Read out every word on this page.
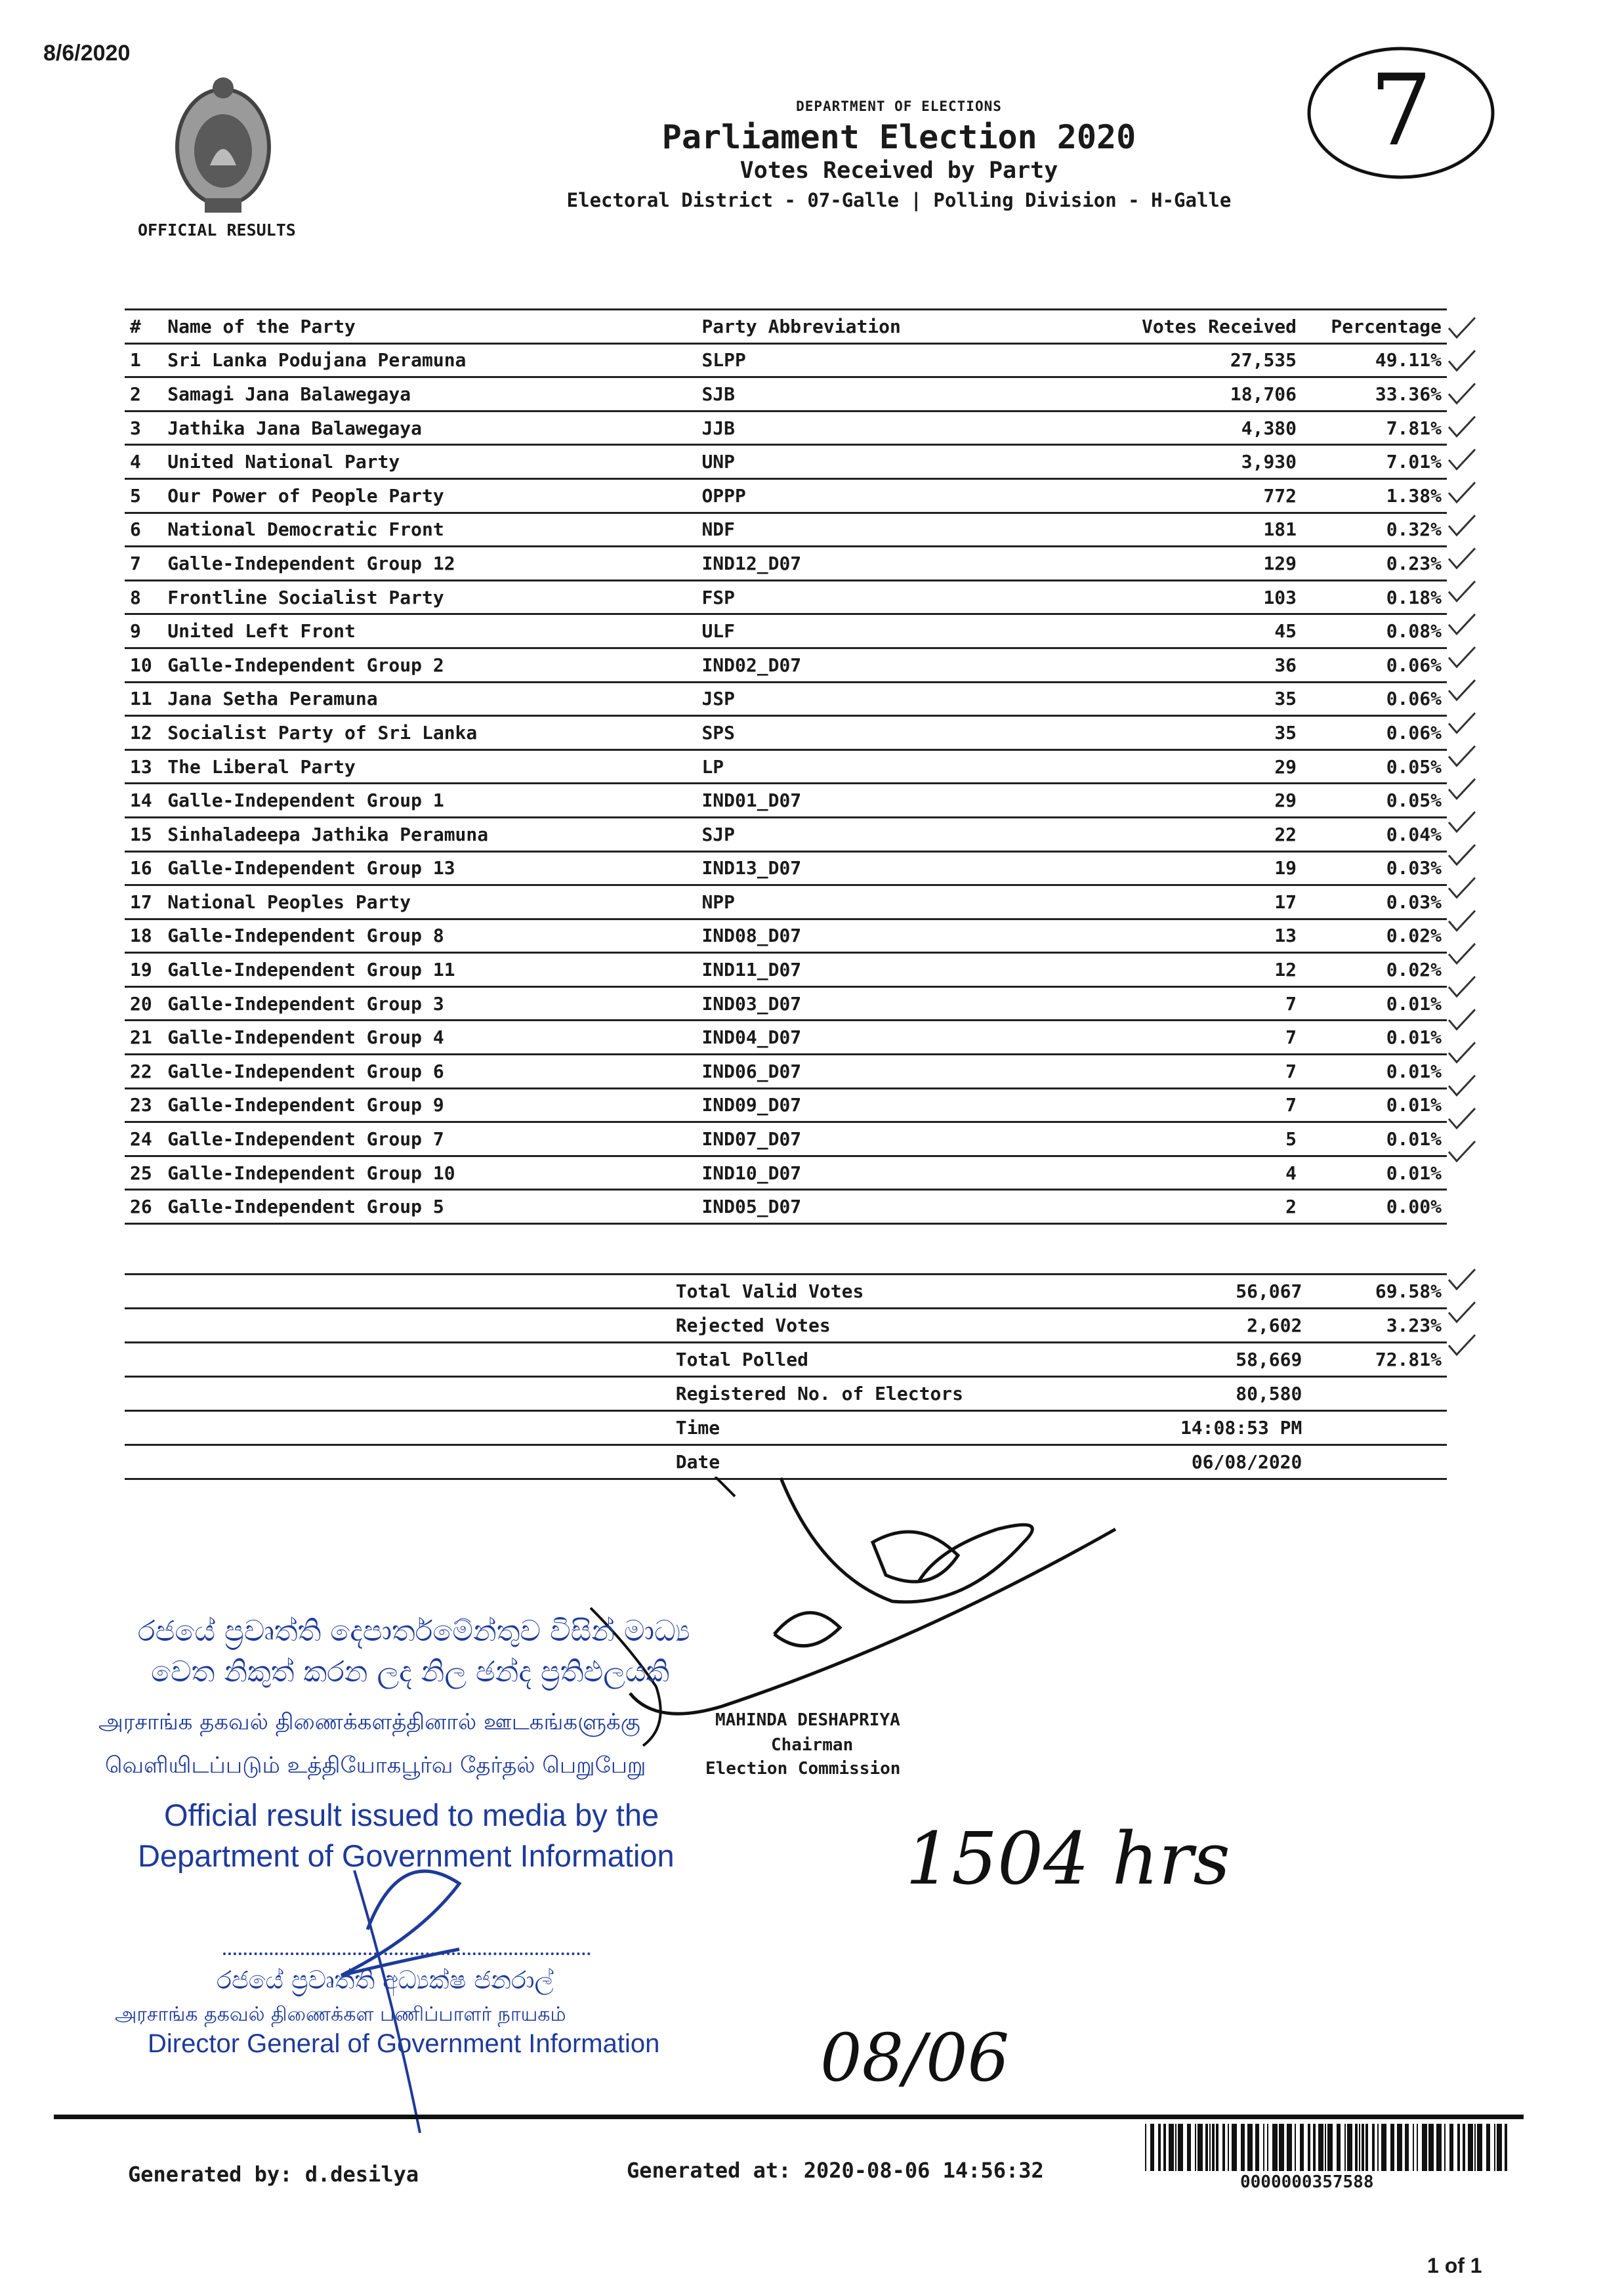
8/6/2020
OFFICIAL RESULTS
DEPARTMENT OF ELECTIONS
Parliament Election 2020
Votes Received by Party
Electoral District - 07-Galle | Polling Division - H-Galle
7
#	Name of the Party	Party Abbreviation	Votes Received	Percentage
1	Sri Lanka Podujana Peramuna	SLPP	27,535	49.11%
2	Samagi Jana Balawegaya	SJB	18,706	33.36%
3	Jathika Jana Balawegaya	JJB	4,380	7.81%
4	United National Party	UNP	3,930	7.01%
5	Our Power of People Party	OPPP	772	1.38%
6	National Democratic Front	NDF	181	0.32%
7	Galle-Independent Group 12	IND12_D07	129	0.23%
8	Frontline Socialist Party	FSP	103	0.18%
9	United Left Front	ULF	45	0.08%
10	Galle-Independent Group 2	IND02_D07	36	0.06%
11	Jana Setha Peramuna	JSP	35	0.06%
12	Socialist Party of Sri Lanka	SPS	35	0.06%
13	The Liberal Party	LP	29	0.05%
14	Galle-Independent Group 1	IND01_D07	29	0.05%
15	Sinhaladeepa Jathika Peramuna	SJP	22	0.04%
16	Galle-Independent Group 13	IND13_D07	19	0.03%
17	National Peoples Party	NPP	17	0.03%
18	Galle-Independent Group 8	IND08_D07	13	0.02%
19	Galle-Independent Group 11	IND11_D07	12	0.02%
20	Galle-Independent Group 3	IND03_D07	7	0.01%
21	Galle-Independent Group 4	IND04_D07	7	0.01%
22	Galle-Independent Group 6	IND06_D07	7	0.01%
23	Galle-Independent Group 9	IND09_D07	7	0.01%
24	Galle-Independent Group 7	IND07_D07	5	0.01%
25	Galle-Independent Group 10	IND10_D07	4	0.01%
26	Galle-Independent Group 5	IND05_D07	2	0.00%
	Total Valid Votes	56,067	69.58%
	Rejected Votes	2,602	3.23%
	Total Polled	58,669	72.81%
	Registered No. of Electors	80,580	
	Time	14:08:53 PM	
	Date	06/08/2020	
1504 hrs
08/06
රජයේ ප්‍රවෘත්ති දෙපාර්තමේන්තුව විසින් මාධ්‍ය
වෙත නිකුත් කරන ලද නිල ඡන්ද ප්‍රතිඵලයකි
அரசாங்க தகவல் திணைக்களத்தினால் ஊடகங்களுக்கு
வெளியிடப்படும் உத்தியோகபூர்வ தேர்தல் பெறுபேறு
Official result issued to media by the
Department of Government Information
MAHINDA DESHAPRIYA
Chairman
Election Commission
රජයේ ප්‍රවෘත්ති අධ්‍යක්ෂ ජනරාල්
அரசாங்க தகவல் திணைக்கள பணிப்பாளர் நாயகம்
Director General of Government Information
Generated by: d.desilya	Generated at: 2020-08-06 14:56:32	0000000357588
1 of 1
